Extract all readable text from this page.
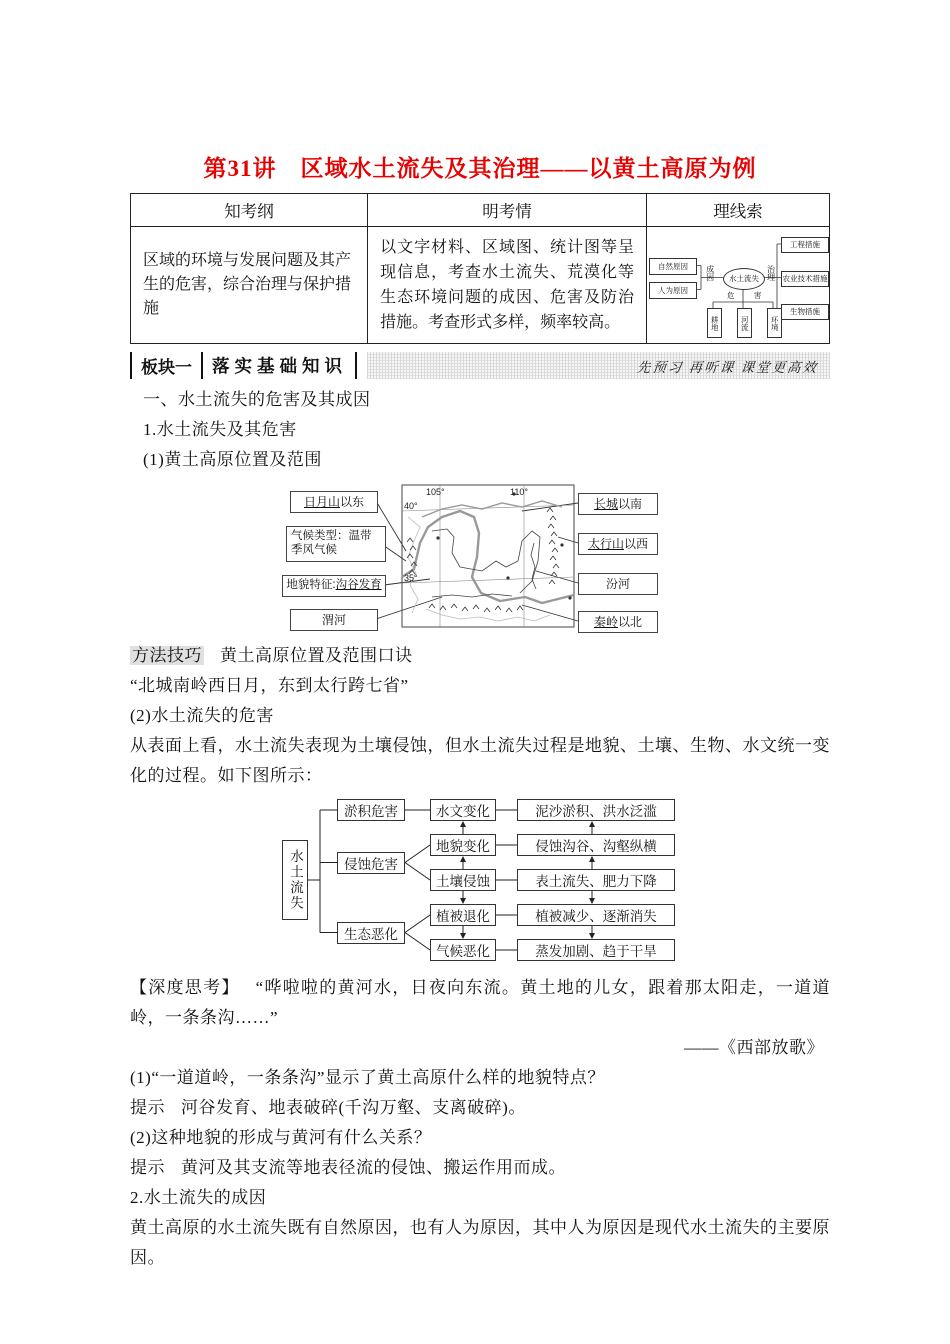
第31讲　区域水土流失及其治理——以黄土高原为例
知考纲	明考情	理线索
区域的环境与发展问题及其产生的危害，综合治理与保护措施	以文字材料、区域图、统计图等呈现信息，考查水土流失、荒漠化等生态环境问题的成因、危害及防治措施。考查形式多样，频率较高。	
自然原因
人为原因
成因	水土流失 治理
危　害
工程措施
农业技术措施
生物措施
耕地	河流	环境
板块一	落实基础知识	先预习 再听课 课堂更高效

一、水土流失的危害及其成因

1.水土流失及其危害

(1)黄土高原位置及范围

105°	110°
40°
35°
日月山 以东
气候类型：温带
季风气候
地貌特征: 沟谷发育
渭河
长城 以南
太行山 以西
汾河
秦岭 以北

方法技巧 黄土高原位置及范围口诀

“北城南岭西日月，东到太行跨七省”

(2)水土流失的危害

从表面上看，水土流失表现为土壤侵蚀，但水土流失过程是地貌、土壤、生物、水文统一变化的过程。如下图所示：

水土流失
淤积危害
侵蚀危害
生态恶化
水文变化
地貌变化
土壤侵蚀
植被退化
气候恶化
泥沙淤积、洪水泛滥
侵蚀沟谷、沟壑纵横
表土流失、肥力下降
植被减少、逐渐消失
蒸发加剧、趋于干旱

【深度思考】 “哗啦啦的黄河水，日夜向东流。黄土地的儿女，跟着那太阳走，一道道岭，一条条沟……”

——《西部放歌》

(1)“一道道岭，一条条沟”显示了黄土高原什么样的地貌特点？

提示 河谷发育、地表破碎(千沟万壑、支离破碎)。

(2)这种地貌的形成与黄河有什么关系？

提示 黄河及其支流等地表径流的侵蚀、搬运作用而成。

2.水土流失的成因

黄土高原的水土流失既有自然原因，也有人为原因，其中人为原因是现代水土流失的主要原因。
